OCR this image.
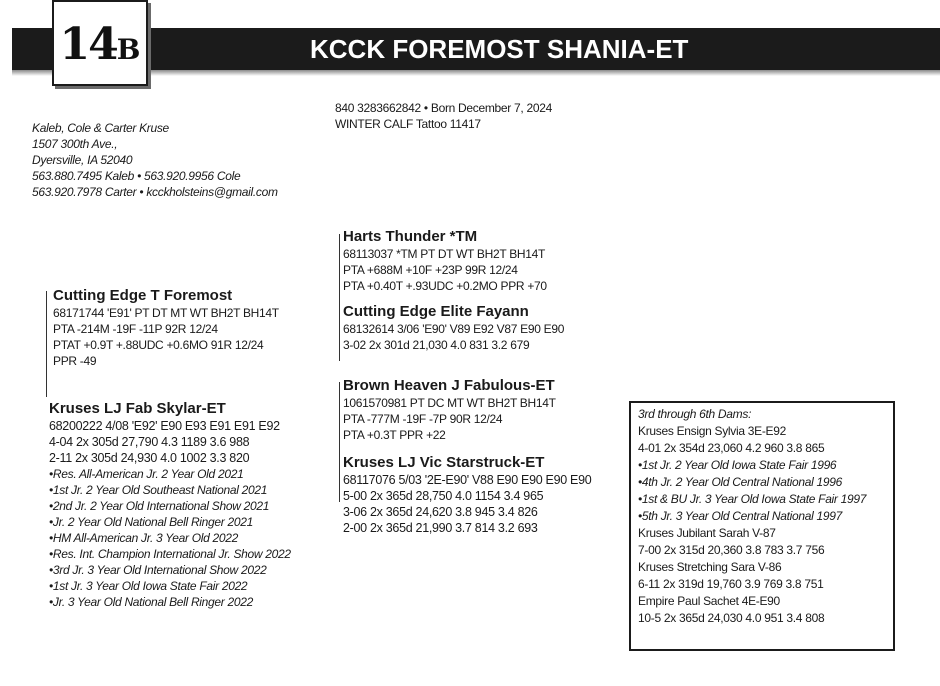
14B	KCCK FOREMOST SHANIA-ET
840 3283662842 • Born December 7, 2024
WINTER CALF Tattoo 11417
Kaleb, Cole & Carter Kruse
1507 300th Ave.,
Dyersville, IA 52040
563.880.7495 Kaleb • 563.920.9956 Cole
563.920.7978 Carter • kcckholsteins@gmail.com
Cutting Edge T Foremost
68171744 'E91' PT DT MT WT BH2T BH14T
PTA -214M -19F -11P 92R 12/24
PTAT +0.9T +.88UDC +0.6MO 91R 12/24
PPR -49
Harts Thunder *TM
68113037 *TM PT DT WT BH2T BH14T
PTA +688M +10F +23P 99R 12/24
PTA +0.40T +.93UDC +0.2MO PPR +70
Cutting Edge Elite Fayann
68132614 3/06 'E90' V89 E92 V87 E90 E90
3-02 2x 301d 21,030 4.0 831 3.2 679
Kruses LJ Fab Skylar-ET
68200222 4/08 'E92' E90 E93 E91 E91 E92
4-04 2x 305d 27,790 4.3 1189 3.6 988
2-11 2x 305d 24,930 4.0 1002 3.3 820
•Res. All-American Jr. 2 Year Old 2021
•1st Jr. 2 Year Old Southeast National 2021
•2nd Jr. 2 Year Old International Show 2021
•Jr. 2 Year Old National Bell Ringer 2021
•HM All-American Jr. 3 Year Old 2022
•Res. Int. Champion International Jr. Show 2022
•3rd Jr. 3 Year Old International Show 2022
•1st Jr. 3 Year Old Iowa State Fair 2022
•Jr. 3 Year Old National Bell Ringer 2022
Brown Heaven J Fabulous-ET
1061570981 PT DC MT WT BH2T BH14T
PTA -777M -19F -7P 90R 12/24
PTA +0.3T PPR +22
Kruses LJ Vic Starstruck-ET
68117076 5/03 '2E-E90' V88 E90 E90 E90 E90
5-00 2x 365d 28,750 4.0 1154 3.4 965
3-06 2x 365d 24,620 3.8 945 3.4 826
2-00 2x 365d 21,990 3.7 814 3.2 693
3rd through 6th Dams:
Kruses Ensign Sylvia 3E-E92
4-01 2x 354d 23,060 4.2 960 3.8 865
•1st Jr. 2 Year Old Iowa State Fair 1996
•4th Jr. 2 Year Old Central National 1996
•1st & BU Jr. 3 Year Old Iowa State Fair 1997
•5th Jr. 3 Year Old Central National 1997
Kruses Jubilant Sarah V-87
7-00 2x 315d 20,360 3.8 783 3.7 756
Kruses Stretching Sara V-86
6-11 2x 319d 19,760 3.9 769 3.8 751
Empire Paul Sachet 4E-E90
10-5 2x 365d 24,030 4.0 951 3.4 808
